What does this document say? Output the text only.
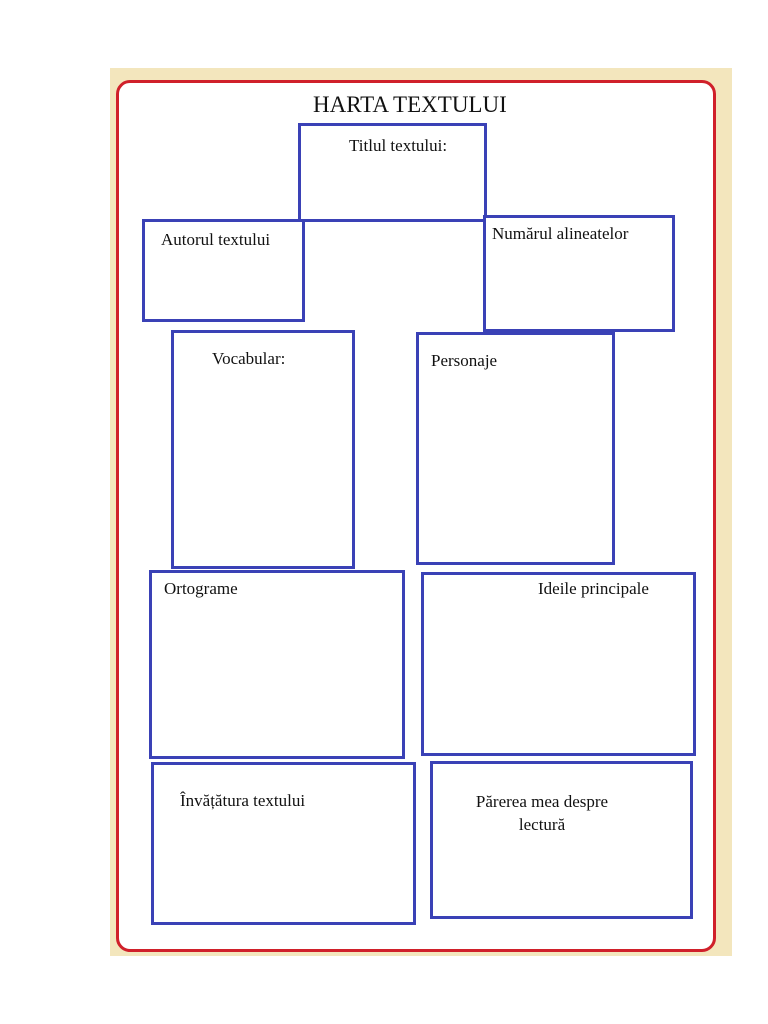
HARTA TEXTULUI
Titlul textului:
Autorul textului	Numărul alineatelor
Vocabular:	Personaje
Ortograme	Ideile principale
Învățătura textului	Părerea mea despre
lectură
